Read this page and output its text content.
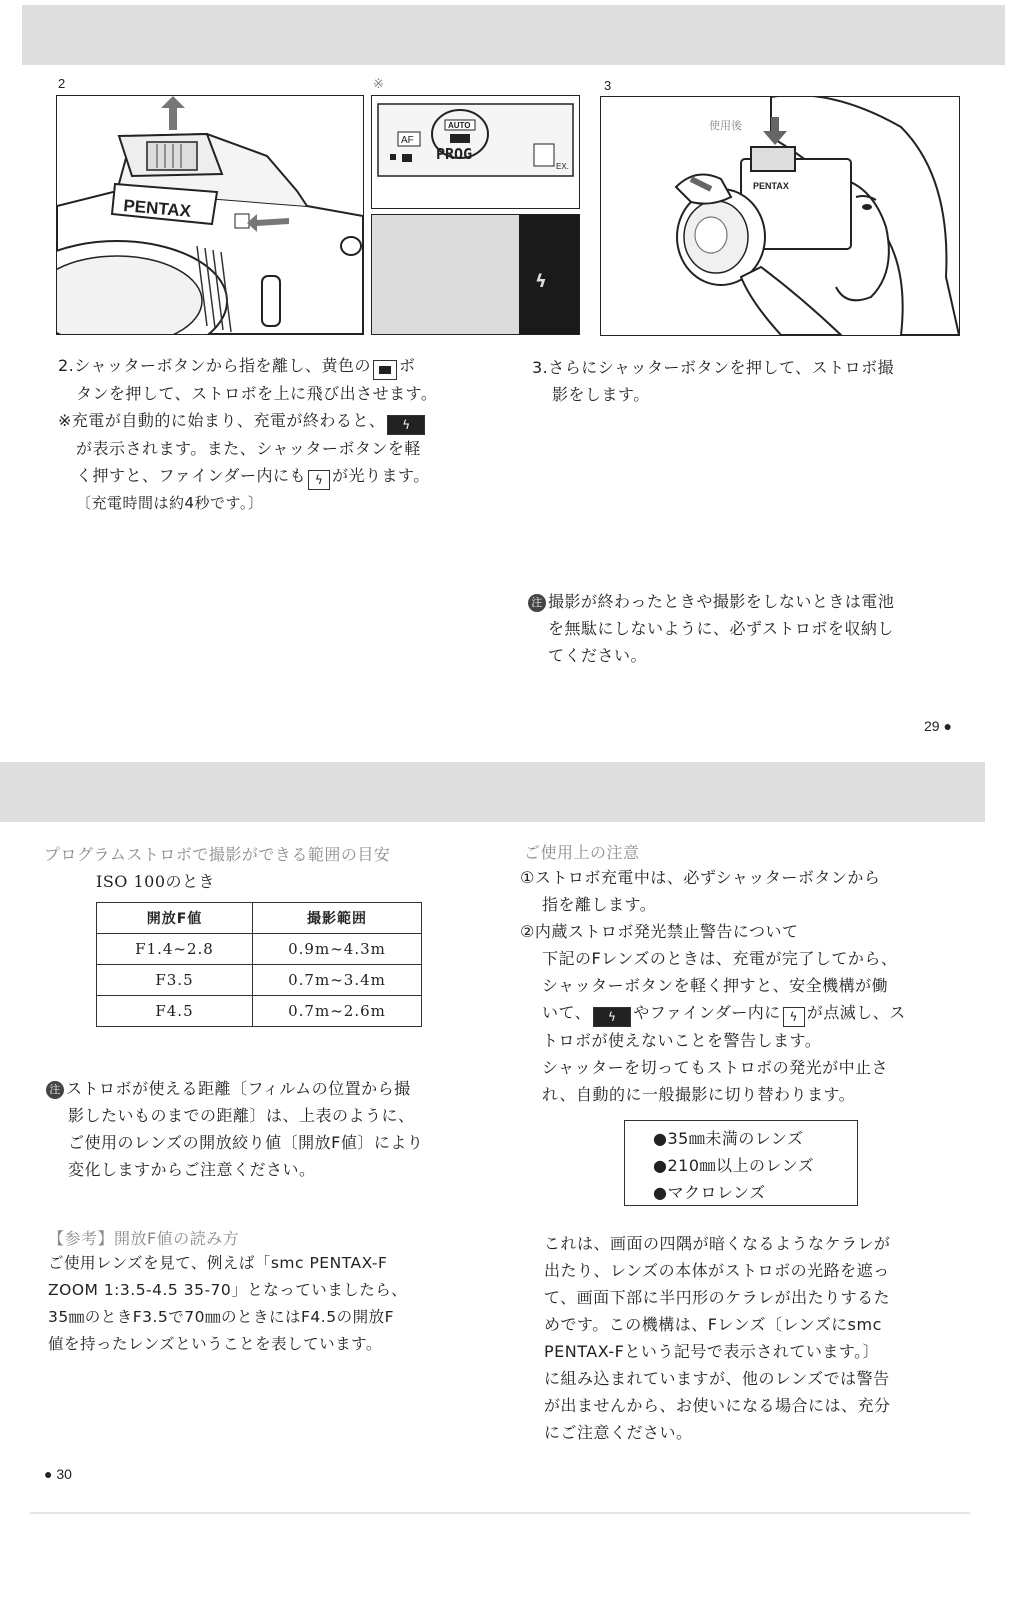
2	※	3
PENTAX
AF
AUTO
PROG
EX.
ϟ
PENTAX
使用後
2.シャッターボタンから指を離し、黄色の ボ
タンを押して、ストロボを上に飛び出させます。
※充電が自動的に始まり、充電が終わると、 ϟ
が表示されます。また、シャッターボタンを軽
く押すと、ファインダー内にも ϟ が光ります。
〔充電時間は約4秒です。〕
3.さらにシャッターボタンを押して、ストロボ撮
影をします。
注 撮影が終わったときや撮影をしないときは電池
を無駄にしないように、必ずストロボを収納し
てください。
29 ●
プログラムストロボで撮影ができる範囲の目安
ISO 100のとき
開放F値	撮影範囲
F1.4~2.8	0.9m~4.3m
F3.5	0.7m~3.4m
F4.5	0.7m~2.6m
注 ストロボが使える距離〔フィルムの位置から撮
影したいものまでの距離〕は、上表のように、
ご使用のレンズの開放絞り値〔開放F値〕により
変化しますからご注意ください。
【参考】開放F値の読み方
ご使用レンズを見て、例えば「smc PENTAX-F
ZOOM 1:3.5-4.5 35-70」となっていましたら、
35㎜のときF3.5で70㎜のときにはF4.5の開放F
値を持ったレンズということを表しています。
ご使用上の注意
①ストロボ充電中は、必ずシャッターボタンから
指を離します。
②内蔵ストロボ発光禁止警告について
下記のFレンズのときは、充電が完了してから、
シャッターボタンを軽く押すと、安全機構が働
いて、 ϟ やファインダー内に ϟ が点滅し、ス
トロボが使えないことを警告します。
シャッターを切ってもストロボの発光が中止さ
れ、自動的に一般撮影に切り替わります。
●35㎜未満のレンズ
●210㎜以上のレンズ
●マクロレンズ
これは、画面の四隅が暗くなるようなケラレが
出たり、レンズの本体がストロボの光路を遮っ
て、画面下部に半円形のケラレが出たりするた
めです。この機構は、Fレンズ〔レンズにsmc
PENTAX-Fという記号で表示されています。〕
に組み込まれていますが、他のレンズでは警告
が出ませんから、お使いになる場合には、充分
にご注意ください。
● 30
